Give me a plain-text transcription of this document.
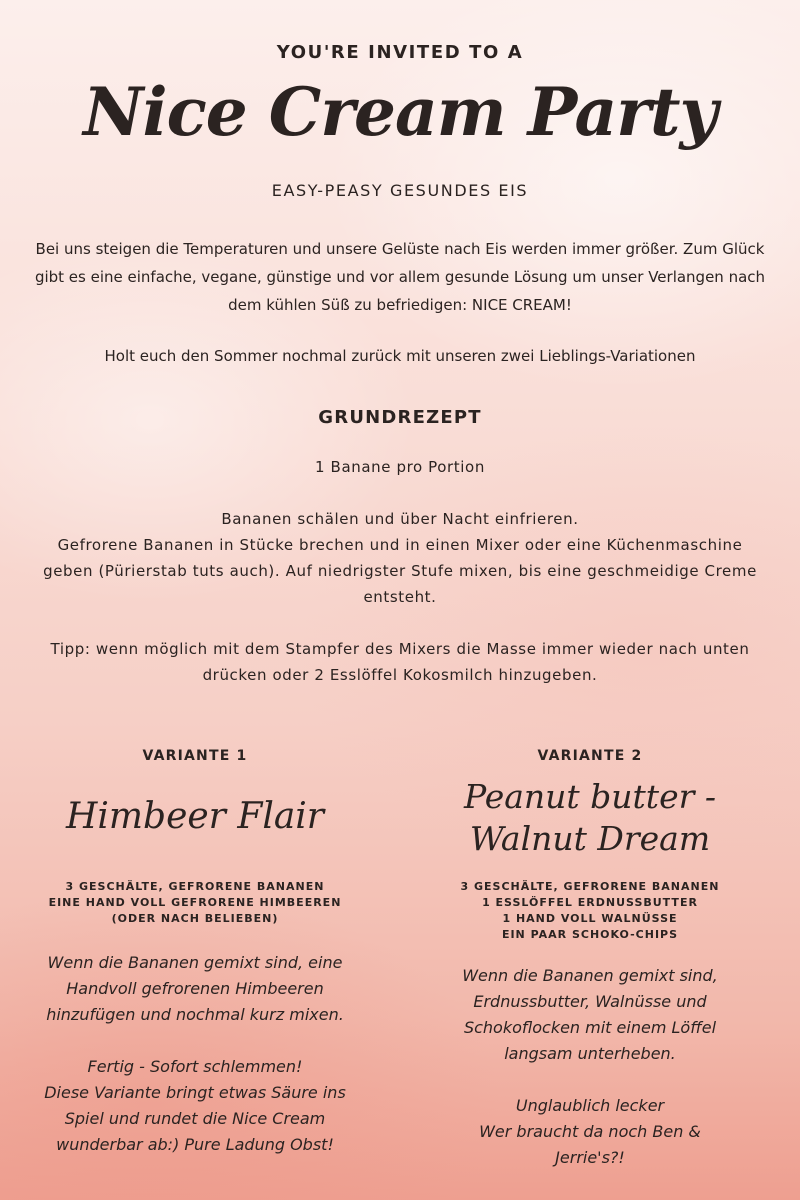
YOU'RE INVITED TO A

Nice Cream Party

EASY-PEASY GESUNDES EIS

Bei uns steigen die Temperaturen und unsere Gelüste nach Eis werden immer größer. Zum Glück gibt es eine einfache, vegane, günstige und vor allem gesunde Lösung um unser Verlangen nach dem kühlen Süß zu befriedigen: NICE CREAM!

Holt euch den Sommer nochmal zurück mit unseren zwei Lieblings-Variationen

GRUNDREZEPT

1 Banane pro Portion

Bananen schälen und über Nacht einfrieren.
Gefrorene Bananen in Stücke brechen und in einen Mixer oder eine Küchenmaschine geben (Pürierstab tuts auch). Auf niedrigster Stufe mixen, bis eine geschmeidige Creme entsteht.

Tipp: wenn möglich mit dem Stampfer des Mixers die Masse immer wieder nach unten drücken oder 2 Esslöffel Kokosmilch hinzugeben.

VARIANTE 1
Himbeer Flair
3 GESCHÄLTE, GEFRORENE BANANEN
EINE HAND VOLL GEFRORENE HIMBEEREN
(ODER NACH BELIEBEN)
Wenn die Bananen gemixt sind, eine Handvoll gefrorenen Himbeeren hinzufügen und nochmal kurz mixen.
Fertig - Sofort schlemmen!
Diese Variante bringt etwas Säure ins Spiel und rundet die Nice Cream wunderbar ab:) Pure Ladung Obst!
VARIANTE 2
Peanut butter - Walnut Dream
3 GESCHÄLTE, GEFRORENE BANANEN
1 ESSLÖFFEL ERDNUSSBUTTER
1 HAND VOLL WALNÜSSE
EIN PAAR SCHOKO-CHIPS
Wenn die Bananen gemixt sind, Erdnussbutter, Walnüsse und Schokoflocken mit einem Löffel langsam unterheben.
Unglaublich lecker
Wer braucht da noch Ben & Jerrie's?!
